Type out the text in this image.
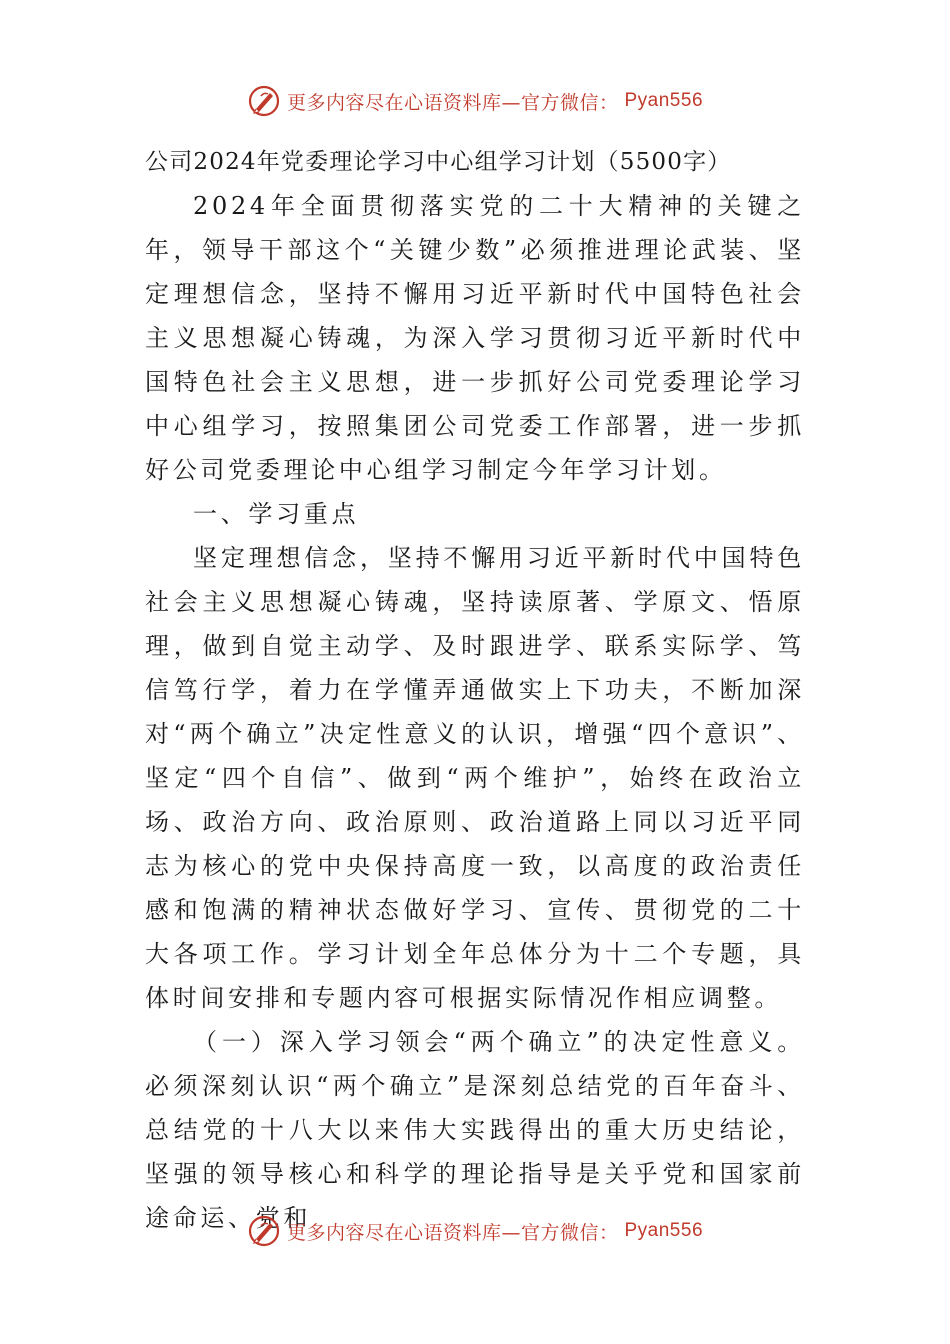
更多内容尽在心语资料库—官方微信： Pyan556
公司2024年党委理论学习中心组学习计划（5500字）

2024年全面贯彻落实党的二十大精神的关键之年，领导干部这个“关键少数”必须推进理论武装、坚定理想信念，坚持不懈用习近平新时代中国特色社会主义思想凝心铸魂，为深入学习贯彻习近平新时代中国特色社会主义思想，进一步抓好公司党委理论学习中心组学习，按照集团公司党委工作部署，进一步抓好公司党委理论中心组学习制定今年学习计划。

一、学习重点

坚定理想信念，坚持不懈用习近平新时代中国特色社会主义思想凝心铸魂，坚持读原著、学原文、悟原理，做到自觉主动学、及时跟进学、联系实际学、笃信笃行学，着力在学懂弄通做实上下功夫，不断加深对“两个确立”决定性意义的认识，增强“四个意识”、坚定“四个自信”、做到“两个维护”，始终在政治立场、政治方向、政治原则、政治道路上同以习近平同志为核心的党中央保持高度一致，以高度的政治责任感和饱满的精神状态做好学习、宣传、贯彻党的二十大各项工作。学习计划全年总体分为十二个专题，具体时间安排和专题内容可根据实际情况作相应调整。

（一）深入学习领会“两个确立”的决定性意义。必须深刻认识“两个确立”是深刻总结党的百年奋斗、总结党的十八大以来伟大实践得出的重大历史结论，坚强的领导核心和科学的理论指导是关乎党和国家前途命运、党和

更多内容尽在心语资料库—官方微信： Pyan556
